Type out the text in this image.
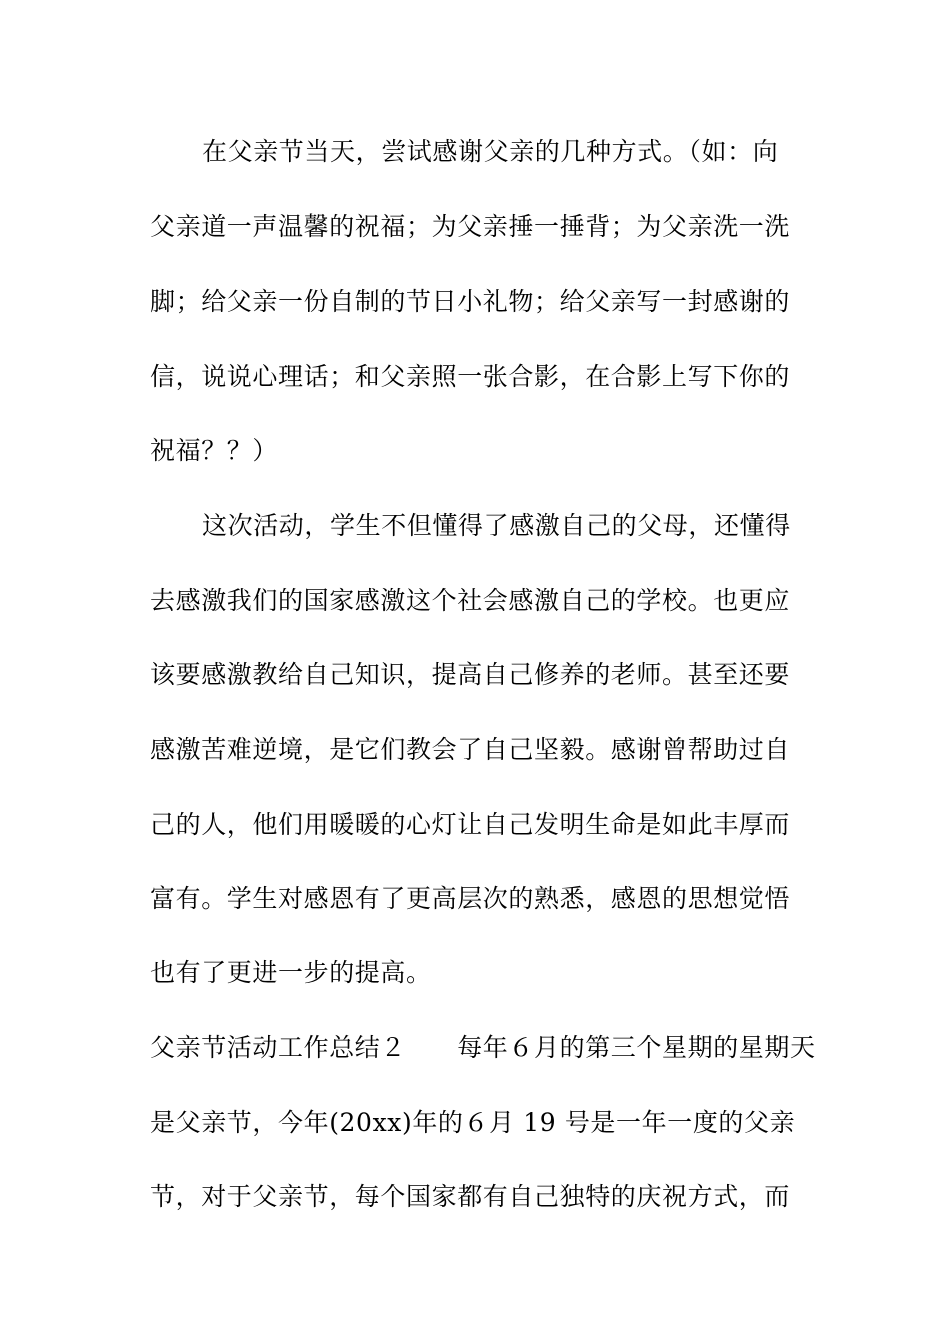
在父亲节当天，尝试感谢父亲的几种方式。（如：向
父亲道一声温馨的祝福；为父亲捶一捶背；为父亲洗一洗
脚；给父亲一份自制的节日小礼物；给父亲写一封感谢的
信，说说心理话；和父亲照一张合影，在合影上写下你的
祝福？？）
这次活动，学生不但懂得了感激自己的父母，还懂得
去感激我们的国家感激这个社会感激自己的学校。也更应
该要感激教给自己知识，提高自己修养的老师。甚至还要
感激苦难逆境，是它们教会了自己坚毅。感谢曾帮助过自
己的人，他们用暖暖的心灯让自己发明生命是如此丰厚而
富有。学生对感恩有了更高层次的熟悉，感恩的思想觉悟
也有了更进一步的提高。
父亲节活动工作总结２　　每年６月的第三个星期的星期天
是父亲节，今年(20xx)年的６月 19 号是一年一度的父亲
节，对于父亲节，每个国家都有自己独特的庆祝方式，而
